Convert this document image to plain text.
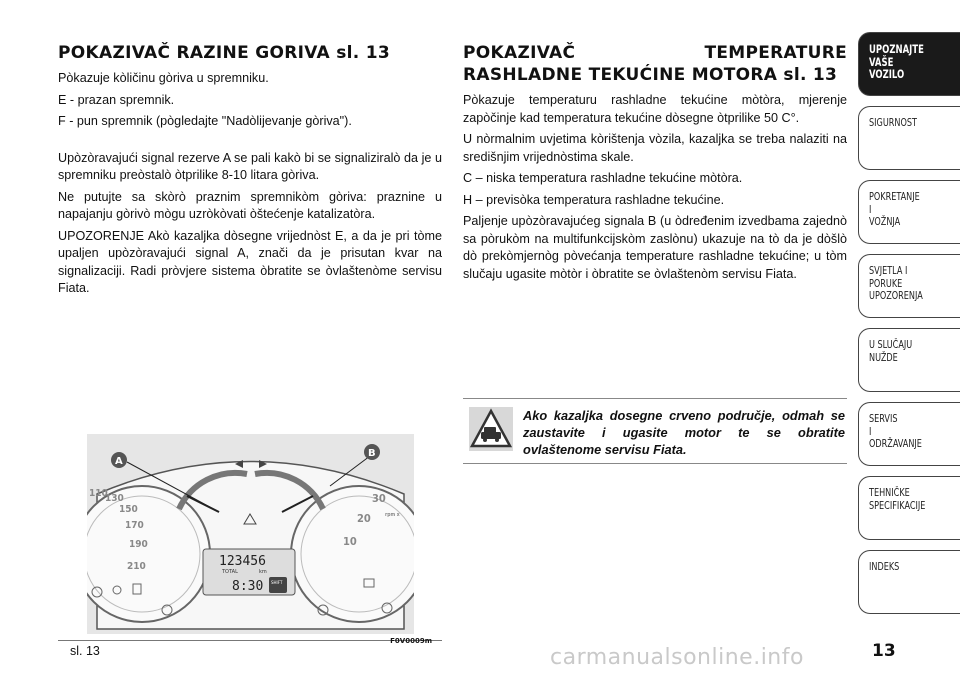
POKAZIVAČ RAZINE GORIVA sl. 13

Pòkazuje kòličinu gòriva u spremniku.

E - prazan spremnik.

F - pun spremnik (pògledajte "Nadòlijevanje gòriva").

Upòzòravajući signal rezerve A se pali kakò bi se signaliziralò da je u spremniku preòstalò òtprilike 8-10 litara gòriva.

Ne putujte sa skòrò praznim spremnikòm gòriva: praznine u napajanju gòrivò mògu uzròkòvati òštećenje katalizatòra.

UPOZORENJE Akò kazaljka dòsegne vrijednòst E, a da je pri tòme upaljen upòzòravajući signal A, znači da je prisutan kvar na signalizaciji. Radi pròvjere sistema òbratite se òvlaštenòme servisu Fiata.

POKAZIVAČ TEMPERATURE RASHLADNE TEKUĆINE MOTORA sl. 13

Pòkazuje temperaturu rashladne tekućine mòtòra, mjerenje zapòčinje kad temperatura tekućine dòsegne òtprilike 50 C°.

U nòrmalnim uvjetima kòrištenja vòzila, kazaljka se treba nalaziti na središnjim vrijednòstima skale.

C – niska temperatura rashladne tekućine mòtòra.

H – previsòka temperatura rashladne tekućine.

Paljenje upòzòravajućeg signala B (u òdređenim izvedbama zajednò sa pòrukòm na multifunkcijskòm zaslònu) ukazuje na tò da je dòšlò dò prekòmjernòg pòvećanja temperature rashladne tekućine; u tòm slučaju ugasite mòtòr i òbratite se òvlaštenòm servisu Fiata.

Ako kazaljka dosegne crveno područje, odmah se zaustavite i ugasite motor te se obratite ovlaštenome servisu Fiata.
210
190
170
150
130
110	30
20
10
rpm x
123456
TOTAL	km
8:30 SHIFT
A
B
sl. 13
F0V0009m
UPOZNAJTE
VAŠE
VOZILO
SIGURNOST
POKRETANJE
I
VOŽNJA
SVJETLA I
PORUKE
UPOZORENJA
U SLUČAJU
NUŽDE
SERVIS
I
ODRŽAVANJE
TEHNIČKE
SPECIFIKACIJE
INDEKS
13
carmanualsonline.info
